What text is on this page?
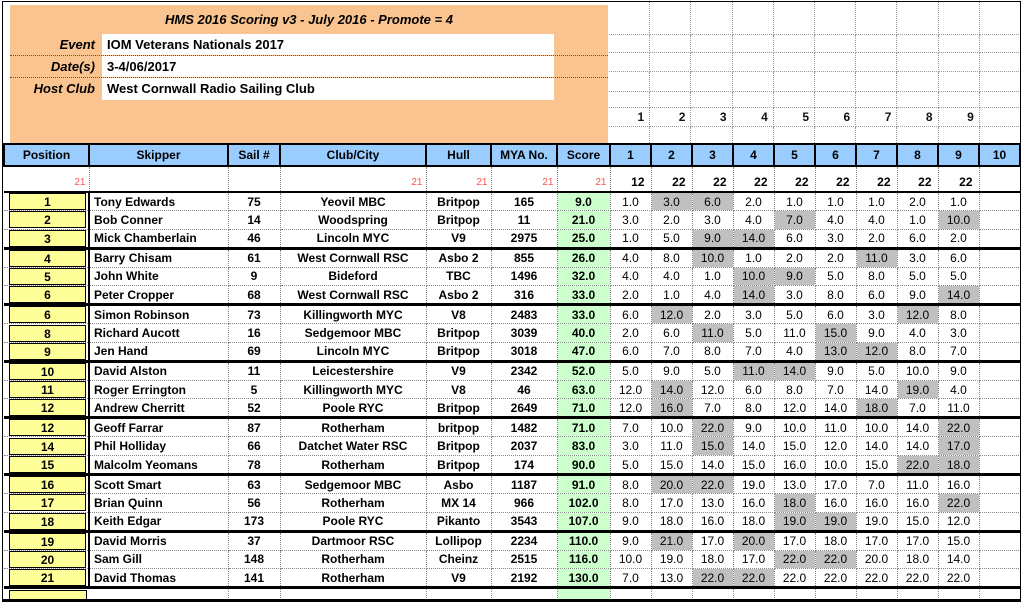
HMS 2016 Scoring v3 - July 2016 - Promote = 4
Event IOM Veterans Nationals 2017
Date(s) 3-4/06/2017
Host Club West Cornwall Radio Sailing Club
1	2	3	4	5	6	7	8	9
Position	Skipper	Sail #	Club/City	Hull	MYA No.	Score	1	2	3	4	5	6	7	8	9	10
21			21	21	21	21	12	22	22	22	22	22	22	22	22	

1	Tony Edwards	75	Yeovil MBC	Britpop	165	9.0	1.0	3.0	6.0	2.0	1.0	1.0	1.0	2.0	1.0	

2	Bob Conner	14	Woodspring	Britpop	11	21.0	3.0	2.0	3.0	4.0	7.0	4.0	4.0	1.0	10.0	

3	Mick Chamberlain	46	Lincoln MYC	V9	2975	25.0	1.0	5.0	9.0	14.0	6.0	3.0	2.0	6.0	2.0	

4	Barry Chisam	61	West Cornwall RSC	Asbo 2	855	26.0	4.0	8.0	10.0	1.0	2.0	2.0	11.0	3.0	6.0	

5	John White	9	Bideford	TBC	1496	32.0	4.0	4.0	1.0	10.0	9.0	5.0	8.0	5.0	5.0	

6	Peter Cropper	68	West Cornwall RSC	Asbo 2	316	33.0	2.0	1.0	4.0	14.0	3.0	8.0	6.0	9.0	14.0	

6	Simon Robinson	73	Killingworth MYC	V8	2483	33.0	6.0	12.0	2.0	3.0	5.0	6.0	3.0	12.0	8.0	

8	Richard Aucott	16	Sedgemoor MBC	Britpop	3039	40.0	2.0	6.0	11.0	5.0	11.0	15.0	9.0	4.0	3.0	

9	Jen Hand	69	Lincoln MYC	Britpop	3018	47.0	6.0	7.0	8.0	7.0	4.0	13.0	12.0	8.0	7.0	

10	David Alston	11	Leicestershire	V9	2342	52.0	5.0	9.0	5.0	11.0	14.0	9.0	5.0	10.0	9.0	

11	Roger Errington	5	Killingworth MYC	V8	46	63.0	12.0	14.0	12.0	6.0	8.0	7.0	14.0	19.0	4.0	

12	Andrew Cherritt	52	Poole RYC	Britpop	2649	71.0	12.0	16.0	7.0	8.0	12.0	14.0	18.0	7.0	11.0	

12	Geoff Farrar	87	Rotherham	britpop	1482	71.0	7.0	10.0	22.0	9.0	10.0	11.0	10.0	14.0	22.0	

14	Phil Holliday	66	Datchet Water RSC	Britpop	2037	83.0	3.0	11.0	15.0	14.0	15.0	12.0	14.0	14.0	17.0	

15	Malcolm Yeomans	78	Rotherham	Britpop	174	90.0	5.0	15.0	14.0	15.0	16.0	10.0	15.0	22.0	18.0	

16	Scott Smart	63	Sedgemoor MBC	Asbo	1187	91.0	8.0	20.0	22.0	19.0	13.0	17.0	7.0	11.0	16.0	

17	Brian Quinn	56	Rotherham	MX 14	966	102.0	8.0	17.0	13.0	16.0	18.0	16.0	16.0	16.0	22.0	

18	Keith Edgar	173	Poole RYC	Pikanto	3543	107.0	9.0	18.0	16.0	18.0	19.0	19.0	19.0	15.0	12.0	

19	David Morris	37	Dartmoor RSC	Lollipop	2234	110.0	9.0	21.0	17.0	20.0	17.0	18.0	17.0	17.0	15.0	

20	Sam Gill	148	Rotherham	Cheinz	2515	116.0	10.0	19.0	18.0	17.0	22.0	22.0	20.0	18.0	14.0	

21	David Thomas	141	Rotherham	V9	2192	130.0	7.0	13.0	22.0	22.0	22.0	22.0	22.0	22.0	22.0	
